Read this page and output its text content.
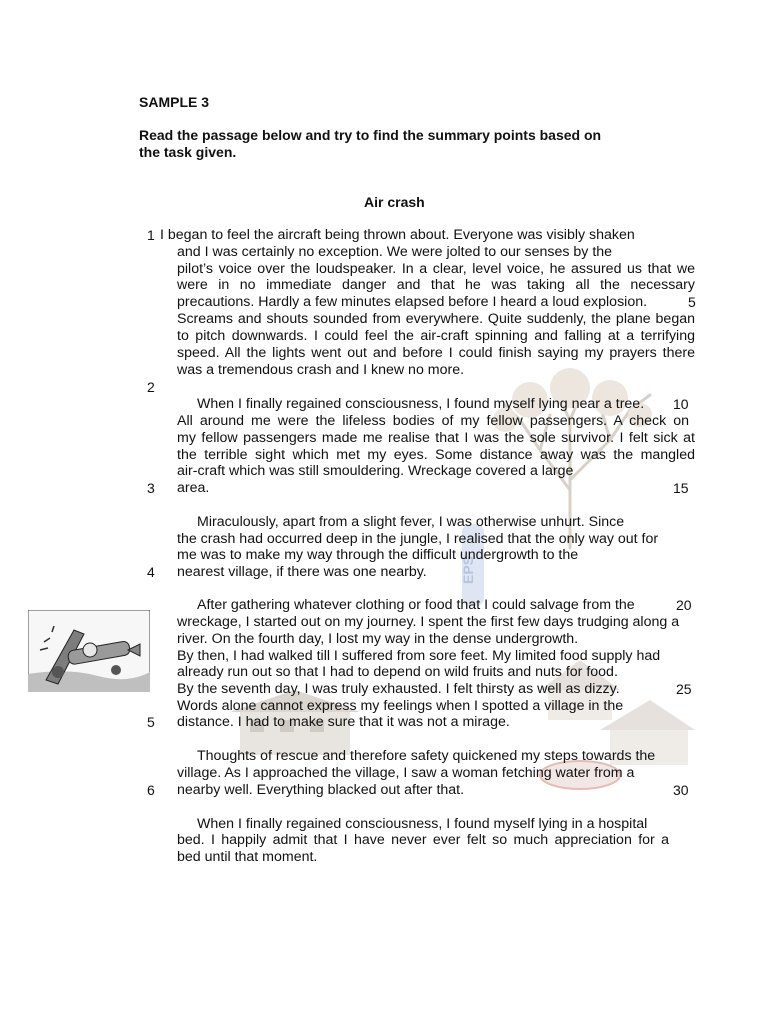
EPS
SAMPLE 3
Read the passage below and try to find the summary points based on
the task given.
Air crash
1
2
3
4
5
6
5
10
15
20
25
30
I began to feel the aircraft being thrown about. Everyone was visibly shaken
and I was certainly no exception. We were jolted to our senses by the
pilot’s voice over the loudspeaker. In a clear, level voice, he assured us that we
were in no immediate danger and that he was taking all the necessary
precautions. Hardly a few minutes elapsed before I heard a loud explosion.
Screams and shouts sounded from everywhere. Quite suddenly, the plane began
to pitch downwards. I could feel the air-craft spinning and falling at a terrifying
speed. All the lights went out and before I could finish saying my prayers there
was a tremendous crash and I knew no more.
When I finally regained consciousness, I found myself lying near a tree.
All around me were the lifeless bodies of my fellow passengers. A check on
my fellow passengers made me realise that I was the sole survivor. I felt sick at
the terrible sight which met my eyes. Some distance away was the mangled
air-craft which was still smouldering. Wreckage covered a large
area.
Miraculously, apart from a slight fever, I was otherwise unhurt. Since
the crash had occurred deep in the jungle, I realised that the only way out for
me was to make my way through the difficult undergrowth to the
nearest village, if there was one nearby.
After gathering whatever clothing or food that I could salvage from the
wreckage, I started out on my journey. I spent the first few days trudging along a
river. On the fourth day, I lost my way in the dense undergrowth.
By then, I had walked till I suffered from sore feet. My limited food supply had
already run out so that I had to depend on wild fruits and nuts for food.
By the seventh day, I was truly exhausted. I felt thirsty as well as dizzy.
Words alone cannot express my feelings when I spotted a village in the
distance. I had to make sure that it was not a mirage.
Thoughts of rescue and therefore safety quickened my steps towards the
village. As I approached the village, I saw a woman fetching water from a
nearby well. Everything blacked out after that.
When I finally regained consciousness, I found myself lying in a hospital
bed. I happily admit that I have never ever felt so much appreciation for a
bed until that moment.
